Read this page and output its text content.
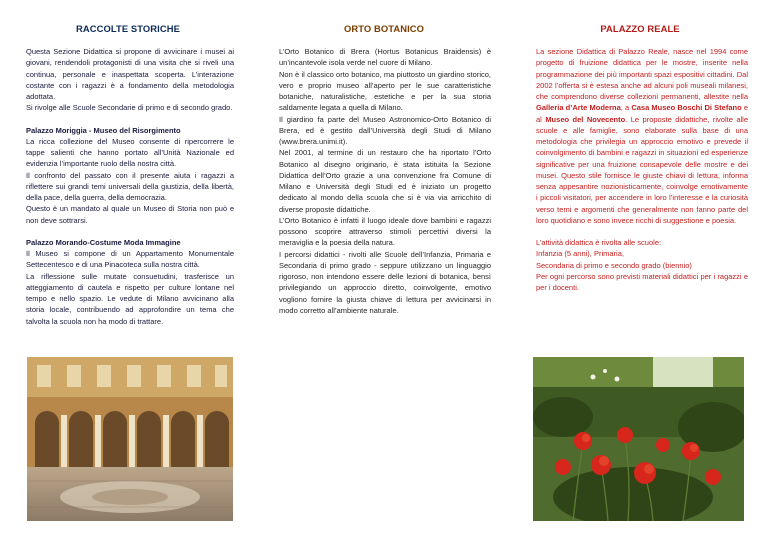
RACCOLTE STORICHE

Questa Sezione Didattica si propone di avvicinare i musei ai giovani, rendendoli protagonisti di una visita che si riveli una continua, personale e inaspettata scoperta. L’interazione costante con i ragazzi è a fondamento della metodologia adottata.

Si rivolge alle Scuole Secondarie di primo e di secondo grado.

Palazzo Moriggia - Museo del Risorgimento

La ricca collezione del Museo consente di ripercorrere le tappe salienti che hanno portato all’Unità Nazionale ed evidenzia l’importante ruolo della nostra città.

Il confronto del passato con il presente aiuta i ragazzi a riflettere sui grandi temi universali della giustizia, della libertà, della pace, della guerra, della democrazia.

Questo è un mandato al quale un Museo di Storia non può e non deve sottrarsi.

Palazzo Morando-Costume Moda Immagine

Il Museo si compone di un Appartamento Monumentale Settecentesco e di una Pinacoteca sulla nostra città.

La riflessione sulle mutate consuetudini, trasferisce un atteggiamento di cautela e rispetto per culture lontane nel tempo e nello spazio. Le vedute di Milano avvicinano alla storia locale, contribuendo ad approfondire un tema che talvolta la scuola non ha modo di trattare.

ORTO BOTANICO

L’Orto Botanico di Brera (Hortus Botanicus Braidensis) è un’incantevole isola verde nel cuore di Milano.

Non è il classico orto botanico, ma piuttosto un giardino storico, vero e proprio museo all’aperto per le sue caratteristiche botaniche, naturalistiche, estetiche e per la sua storia saldamente legata a quella di Milano.

Il giardino fa parte del Museo Astronomico-Orto Botanico di Brera, ed è gestito dall’Università degli Studi di Milano (www.brera.unimi.it).

Nel 2001, al termine di un restauro che ha riportato l’Orto Botanico al disegno originario, è stata istituita la Sezione Didattica dell’Orto grazie a una convenzione fra Comune di Milano e Università degli Studi ed è iniziato un progetto dedicato al mondo della scuola che si è via via arricchito di diverse proposte didattiche.

L’Orto Botanico è infatti il luogo ideale dove bambini e ragazzi possono scoprire attraverso stimoli percettivi diversi la meraviglia e la poesia della natura.

I percorsi didattici - rivolti alle Scuole dell’Infanzia, Primaria e Secondaria di primo grado - seppure utilizzano un linguaggio rigoroso, non intendono essere delle lezioni di botanica, bensì privilegiando un approccio diretto, coinvolgente, emotivo vogliono fornire la giusta chiave di lettura per avvicinarsi in modo corretto all’ambiente naturale.

PALAZZO REALE

La sezione Didattica di Palazzo Reale, nasce nel 1994 come progetto di fruizione didattica per le mostre, inserite nella programmazione dei più importanti spazi espositivi cittadini. Dal 2002 l’offerta si è estesa anche ad alcuni poli museali milanesi, che comprendono diverse collezioni permanenti, allestite nella Galleria d’Arte Moderna, a Casa Museo Boschi Di Stefano e al Museo del Novecento. Le proposte didattiche, rivolte alle scuole e alle famiglie, sono elaborate sulla base di una metodologia che privilegia un approccio emotivo e prevede il coinvolgimento di bambini e ragazzi in situazioni ed esperienze significative per una fruizione consapevole delle mostre e dei musei. Questo stile fornisce le giuste chiavi di lettura, informa senza appesantire nozionisticamente, coinvolge emotivamente i piccoli visitatori, per accendere in loro l’interesse e la curiosità verso temi e argomenti che generalmente non fanno parte del loro quotidiano e sono invece ricchi di suggestione e poesia.

L’attività didattica è rivolta alle scuole:

Infanzia (5 anni), Primaria,

Secondaria di primo e secondo grado (biennio)

Per ogni percorso sono previsti materiali didattici per i ragazzi e per i docenti.
